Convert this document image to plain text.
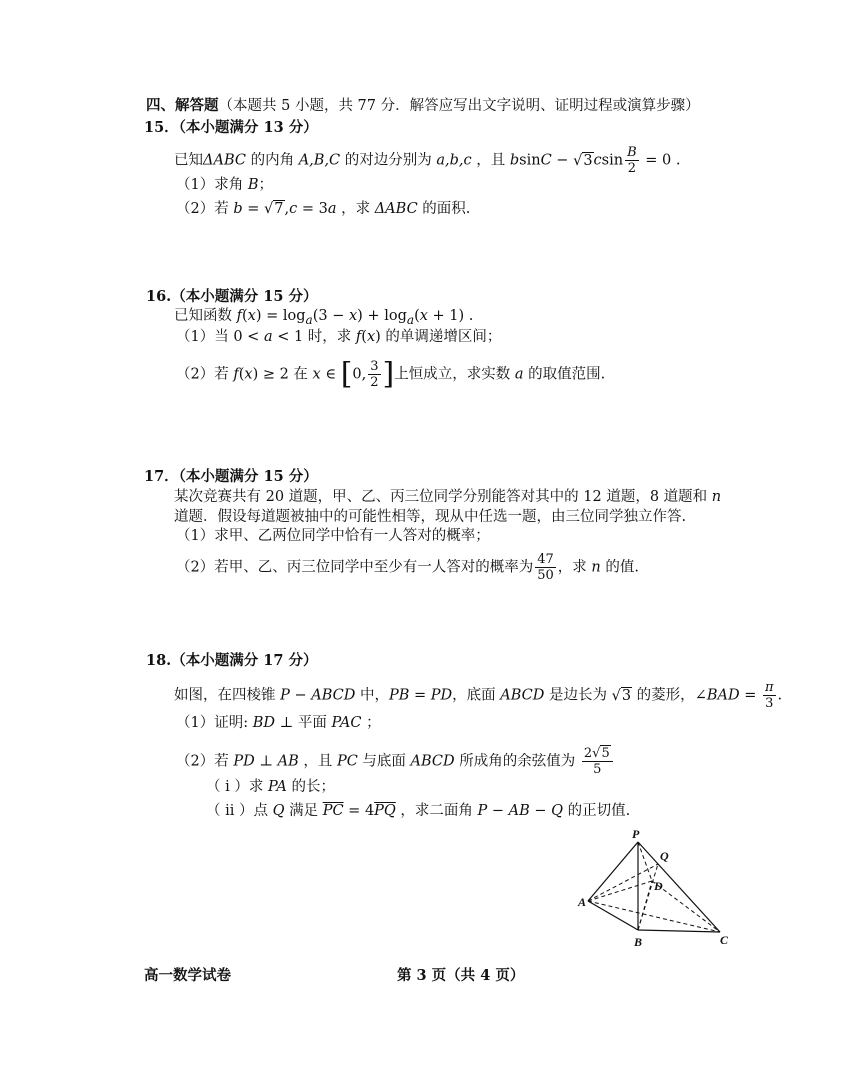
四、解答题（本题共 5 小题，共 77 分．解答应写出文字说明、证明过程或演算步骤）
15．（本小题满分 13 分）
已知ΔABC 的内角 A,B,C 的对边分别为 a,b,c ，且 $bsinC - √3csin \frac{B}{2} = 0$ .
（1）求角 B；
（2）若 b = √7,c = 3a ，求 ΔABC 的面积.
16.（本小题满分 15 分）
已知函数 $f(x) = \log_a(3 - x) + \log_a(x + 1)$ .
（1）当 0 < a < 1 时，求 f(x) 的单调递增区间；
（2）若 f(x) ≥ 2 在 x ∈ [0, $\frac{3}{2}$ ]上恒成立，求实数 a 的取值范围.
17．（本小题满分 15 分）
某次竞赛共有 20 道题，甲、乙、丙三位同学分别能答对其中的 12 道题，8 道题和 n
道题．假设每道题被抽中的可能性相等，现从中任选一题，由三位同学独立作答.
（1）求甲、乙两位同学中恰有一人答对的概率；
（2）若甲、乙、丙三位同学中至少有一人答对的概率为 $\frac{47}{50}$ ，求 n 的值.
18.（本小题满分 17 分）
如图，在四棱锥 P − ABCD 中，PB = PD，底面 ABCD 是边长为 √3 的菱形，∠BAD = $\frac{\pi}{3}$ .
（1）证明: BD ⊥ 平面 PAC ；
（2）若 PD ⊥ AB ，且 PC 与底面 ABCD 所成角的余弦值为 $\frac{2√5}{5}$
（ i ）求 PA 的长；
（ ii ）点 Q 满足 $\overline{PC} = 4\overline{PQ}$ ，求二面角 P − AB − Q 的正切值.
P
Q
D
A
B	C
高一数学试卷	第 3 页（共 4 页）
